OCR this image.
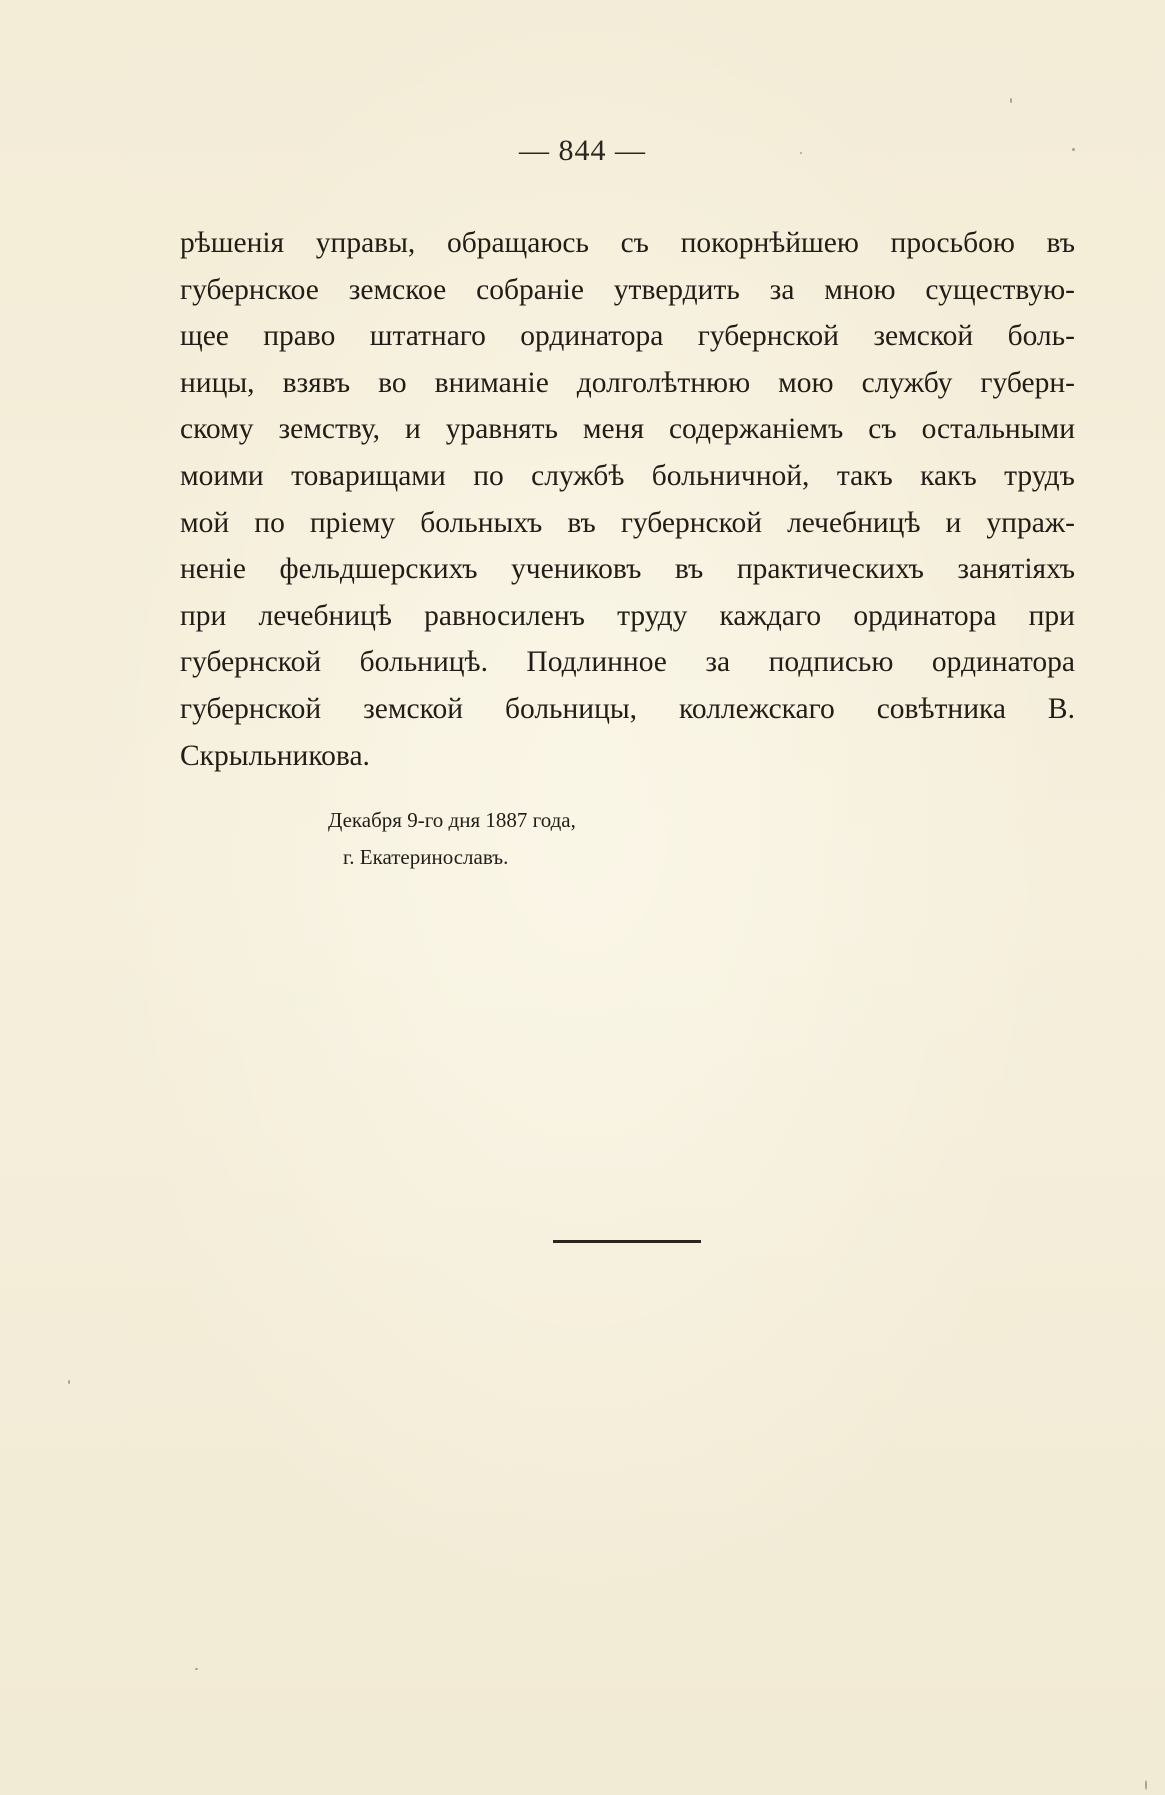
— 844 —
рѣшенія управы, обращаюсь съ покорнѣйшею просьбою въ
губернское земское собраніе утвердить за мною существую-
щее право штатнаго ординатора губернской земской боль-
ницы, взявъ во вниманіе долголѣтнюю мою службу губерн-
скому земству, и уравнять меня содержаніемъ съ остальными
моими товарищами по службѣ больничной, такъ какъ трудъ
мой по пріему больныхъ въ губернской лечебницѣ и упраж-
неніе фельдшерскихъ учениковъ въ практическихъ занятіяхъ
при лечебницѣ равносиленъ труду каждаго ординатора при
губернской больницѣ. Подлинное за подписью ординатора
губернской земской больницы, коллежскаго совѣтника В.
Скрыльникова.
Декабря 9-го дня 1887 года,
г. Екатеринославъ.
